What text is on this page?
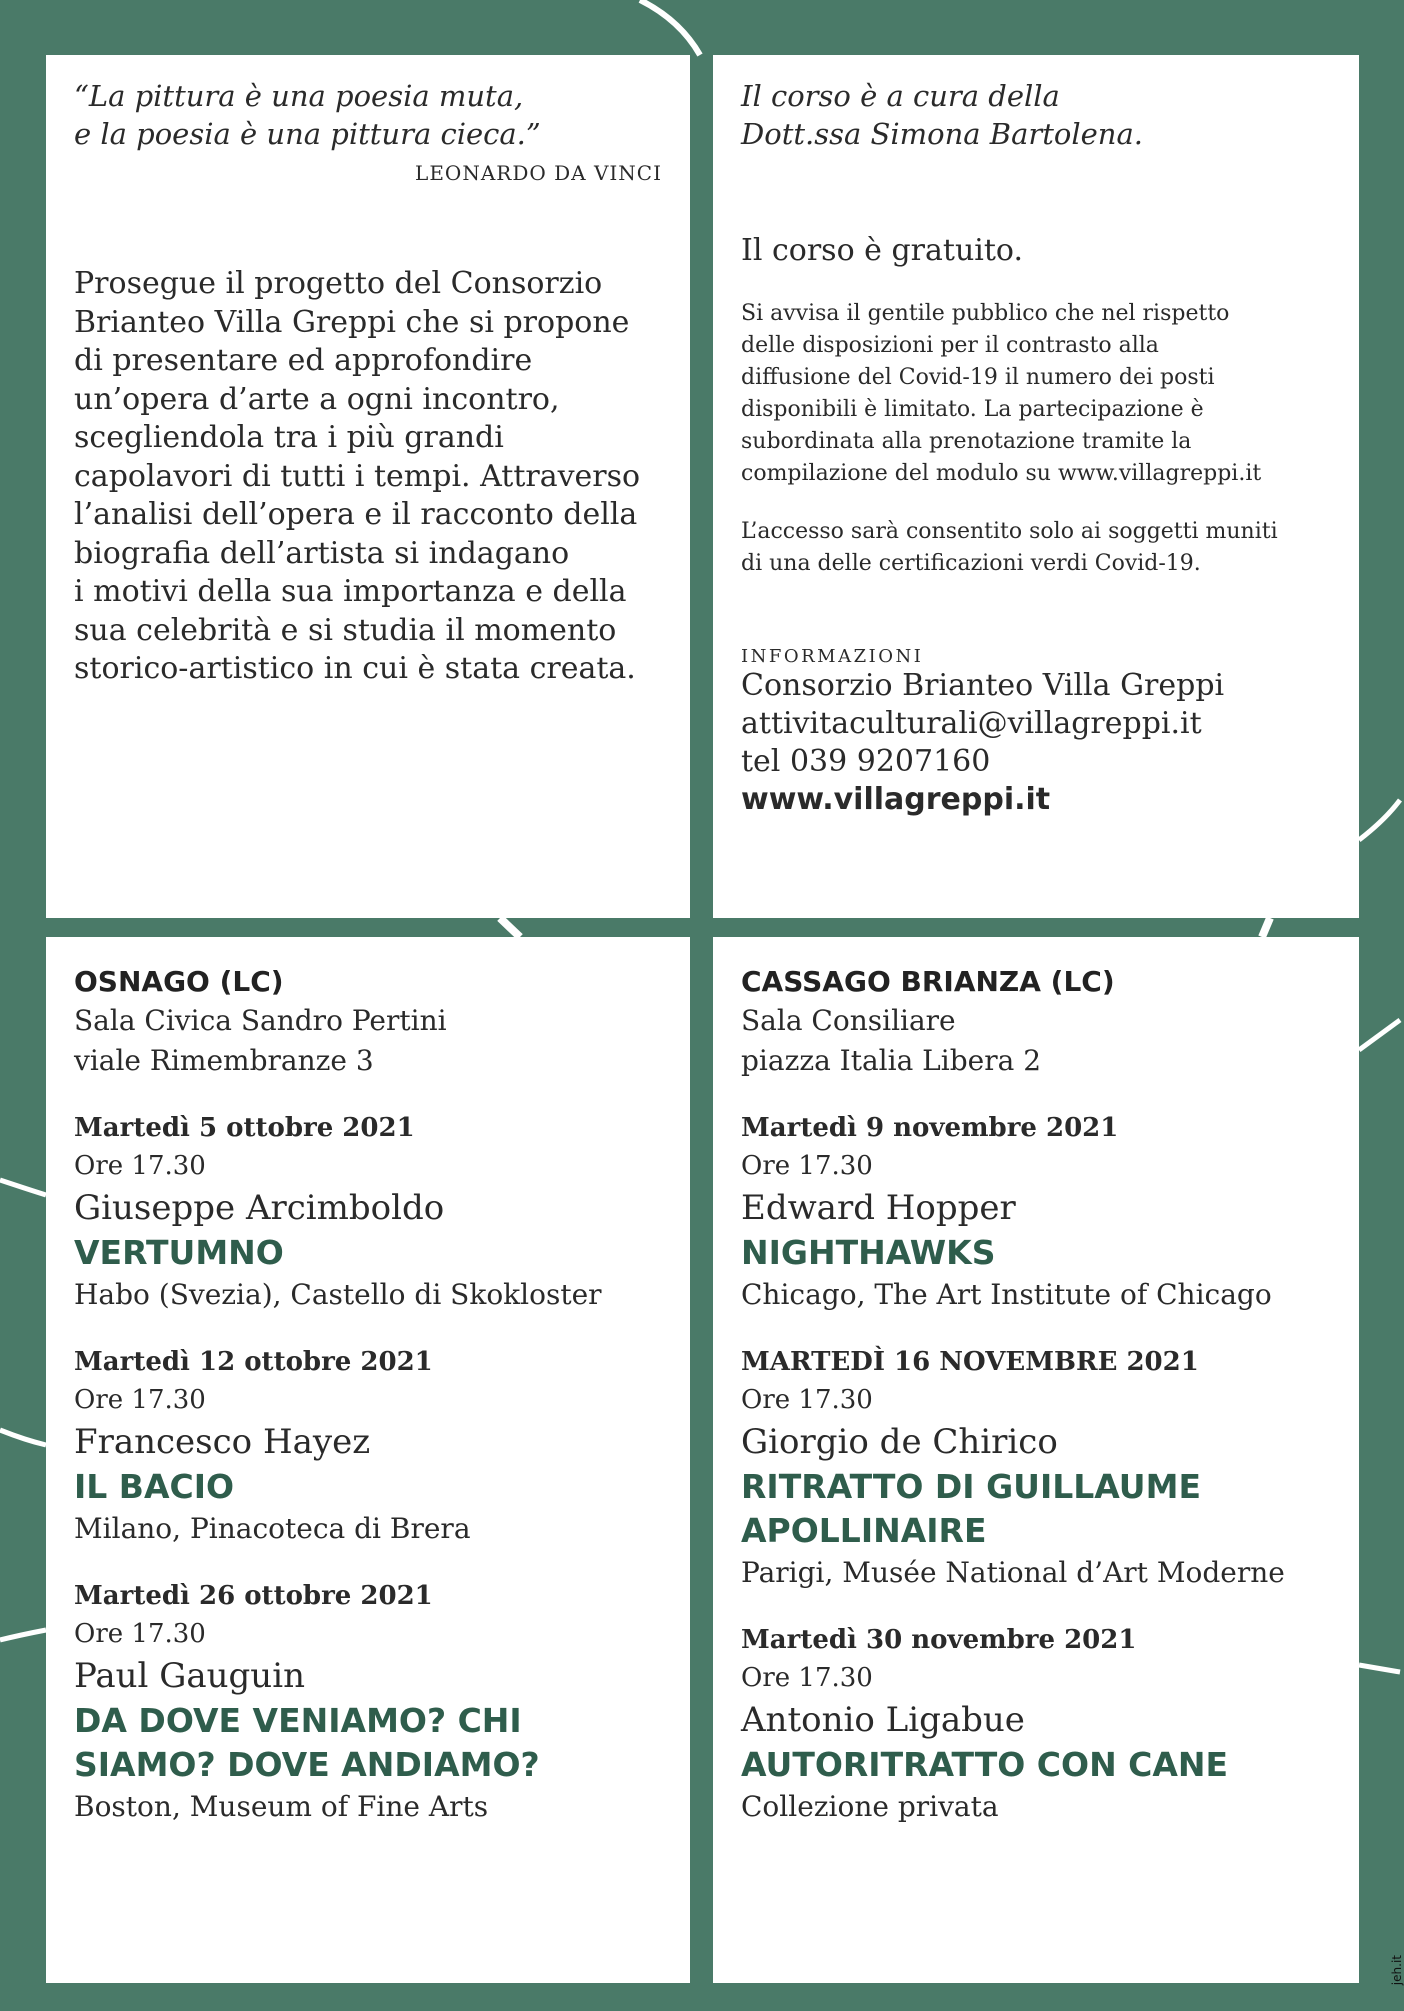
“La pittura è una poesia muta,
e la poesia è una pittura cieca.”
LEONARDO DA VINCI
Prosegue il progetto del Consorzio
Brianteo Villa Greppi che si propone
di presentare ed approfondire
un’opera d’arte a ogni incontro,
scegliendola tra i più grandi
capolavori di tutti i tempi. Attraverso
l’analisi dell’opera e il racconto della
biografia dell’artista si indagano
i motivi della sua importanza e della
sua celebrità e si studia il momento
storico-artistico in cui è stata creata.
Il corso è a cura della
Dott.ssa Simona Bartolena.
Il corso è gratuito.
Si avvisa il gentile pubblico che nel rispetto
delle disposizioni per il contrasto alla
diffusione del Covid-19 il numero dei posti
disponibili è limitato. La partecipazione è
subordinata alla prenotazione tramite la
compilazione del modulo su www.villagreppi.it
L’accesso sarà consentito solo ai soggetti muniti
di una delle certificazioni verdi Covid-19.
INFORMAZIONI
Consorzio Brianteo Villa Greppi
attivitaculturali@villagreppi.it
tel 039 9207160
www.villagreppi.it
OSNAGO (LC)
Sala Civica Sandro Pertini
viale Rimembranze 3
Martedì 5 ottobre 2021
Ore 17.30
Giuseppe Arcimboldo
VERTUMNO
Habo (Svezia), Castello di Skokloster
Martedì 12 ottobre 2021
Ore 17.30
Francesco Hayez
IL BACIO
Milano, Pinacoteca di Brera
Martedì 26 ottobre 2021
Ore 17.30
Paul Gauguin
DA DOVE VENIAMO? CHI SIAMO? DOVE ANDIAMO?
Boston, Museum of Fine Arts
CASSAGO BRIANZA (LC)
Sala Consiliare
piazza Italia Libera 2
Martedì 9 novembre 2021
Ore 17.30
Edward Hopper
NIGHTHAWKS
Chicago, The Art Institute of Chicago
MARTEDÌ 16 NOVEMBRE 2021
Ore 17.30
Giorgio de Chirico
RITRATTO DI GUILLAUME APOLLINAIRE
Parigi, Musée National d’Art Moderne
Martedì 30 novembre 2021
Ore 17.30
Antonio Ligabue
AUTORITRATTO CON CANE
Collezione privata
jeh.it
